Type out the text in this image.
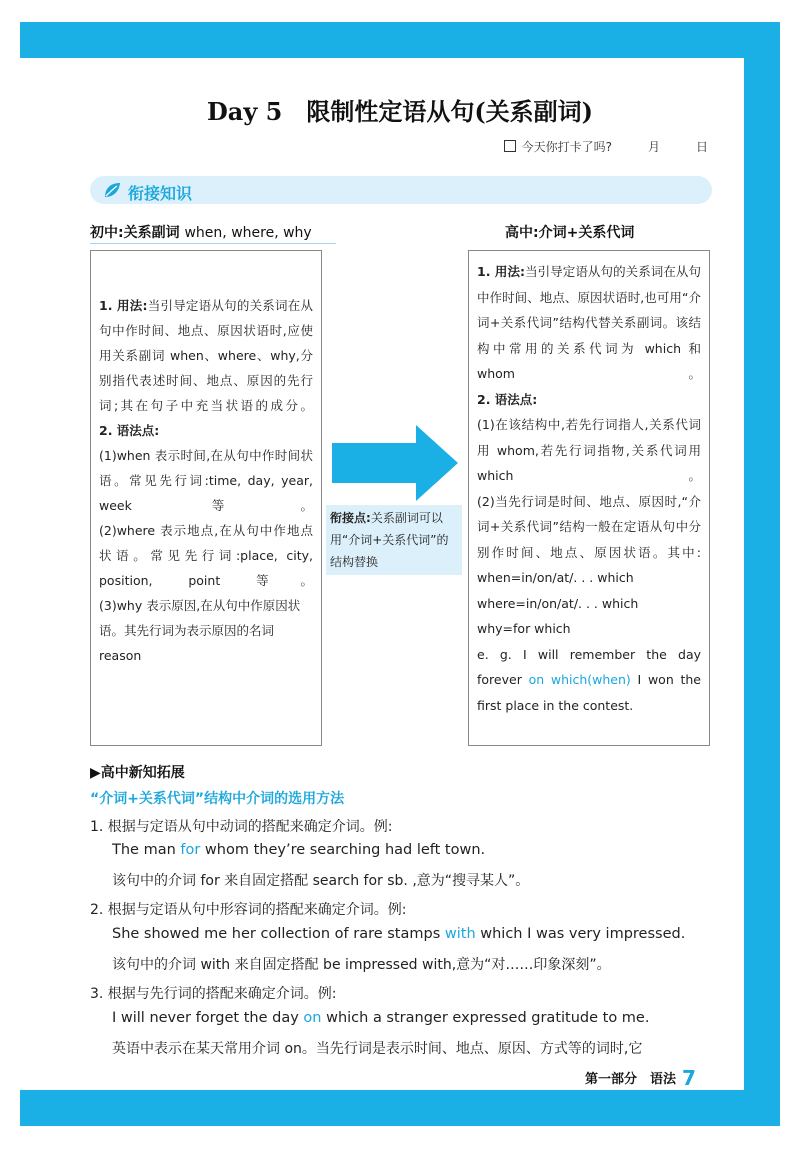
Day 5　限制性定语从句(关系副词)
今天你打卡了吗?	月	日
衔接知识
初中:关系副词 when, where, why	高中:介词+关系代词

1. 用法:当引导定语从句的关系词在从句中作时间、地点、原因状语时,应使用关系副词 when、where、why,分别指代表述时间、地点、原因的先行词;其在句子中充当状语的成分。

2. 语法点:

(1)when 表示时间,在从句中作时间状语。常见先行词:time, day, year, week 等。

(2)where 表示地点,在从句中作地点状语。常见先行词:place, city, position, point 等。

(3)why 表示原因,在从句中作原因状语。其先行词为表示原因的名词 reason

衔接点:关系副词可以用“介词+关系代词”的结构替换

1. 用法:当引导定语从句的关系词在从句中作时间、地点、原因状语时,也可用“介词+关系代词”结构代替关系副词。该结构中常用的关系代词为 which 和 whom。

2. 语法点:

(1)在该结构中,若先行词指人,关系代词用 whom,若先行词指物,关系代词用 which。

(2)当先行词是时间、地点、原因时,“介词+关系代词”结构一般在定语从句中分别作时间、地点、原因状语。其中:

when=in/on/at/. . . which

where=in/on/at/. . . which

why=for which

e. g. I will remember the day forever on which(when) I won the first place in the contest.

▶高中新知拓展
“介词+关系代词”结构中介词的选用方法
1. 根据与定语从句中动词的搭配来确定介词。例:
The man for whom they’re searching had left town.
该句中的介词 for 来自固定搭配 search for sb. ,意为“搜寻某人”。
2. 根据与定语从句中形容词的搭配来确定介词。例:
She showed me her collection of rare stamps with which I was very impressed.
该句中的介词 with 来自固定搭配 be impressed with,意为“对……印象深刻”。
3. 根据与先行词的搭配来确定介词。例:
I will never forget the day on which a stranger expressed gratitude to me.
英语中表示在某天常用介词 on。当先行词是表示时间、地点、原因、方式等的词时,它
第一部分　语法 7
